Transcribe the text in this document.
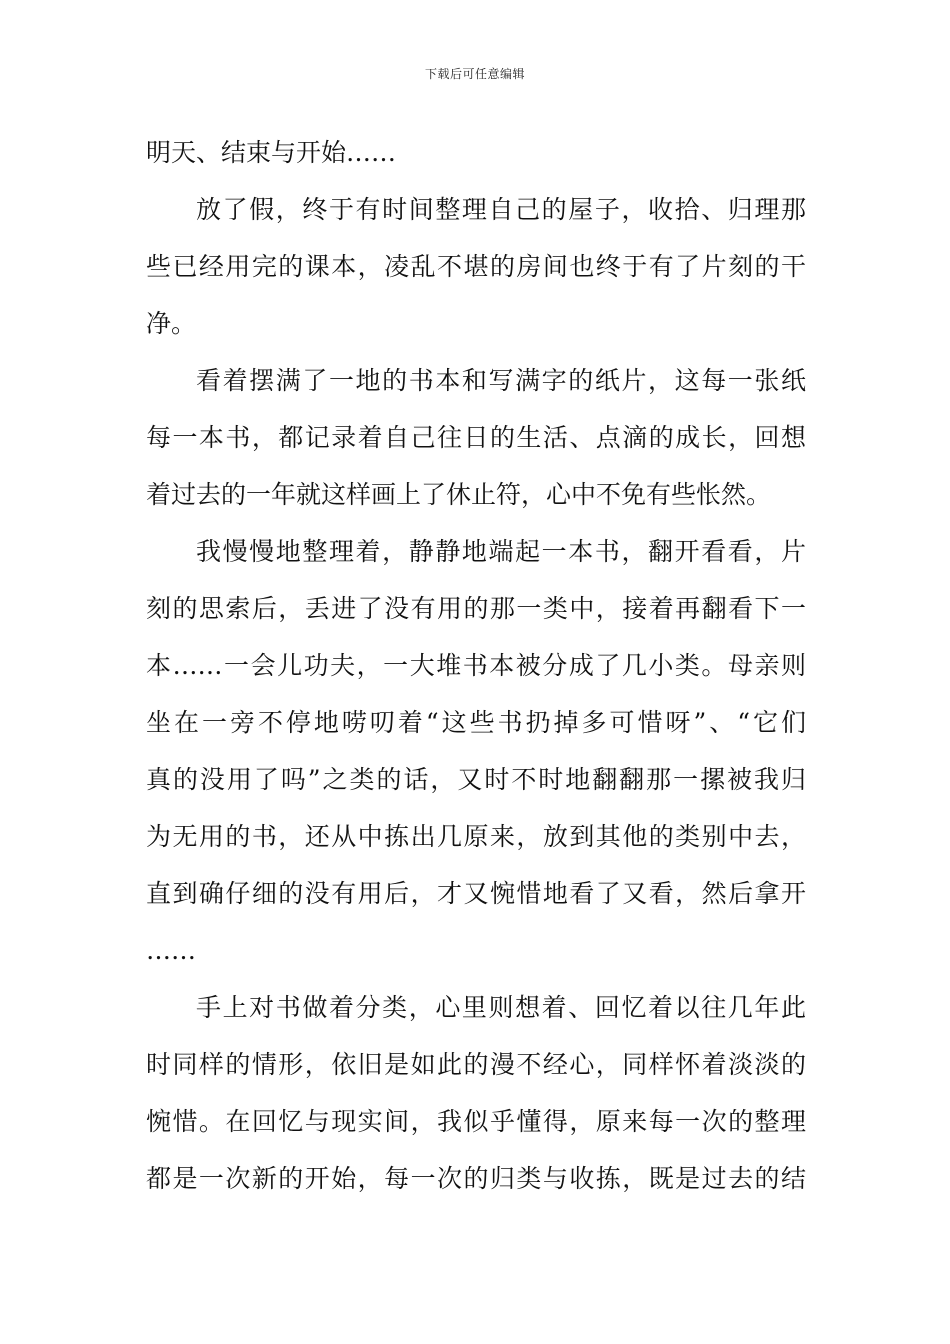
下载后可任意编辑
明天、结束与开始……
放了假，终于有时间整理自己的屋子，收拾、归理那
些已经用完的课本，凌乱不堪的房间也终于有了片刻的干
净。
看着摆满了一地的书本和写满字的纸片，这每一张纸
每一本书，都记录着自己往日的生活、点滴的成长，回想
着过去的一年就这样画上了休止符，心中不免有些怅然。
我慢慢地整理着，静静地端起一本书，翻开看看，片
刻的思索后，丢进了没有用的那一类中，接着再翻看下一
本……一会儿功夫，一大堆书本被分成了几小类。母亲则
坐在一旁不停地唠叨着“这些书扔掉多可惜呀”、“它们
真的没用了吗”之类的话，又时不时地翻翻那一摞被我归
为无用的书，还从中拣出几原来，放到其他的类别中去，
直到确仔细的没有用后，才又惋惜地看了又看，然后拿开
……
手上对书做着分类，心里则想着、回忆着以往几年此
时同样的情形，依旧是如此的漫不经心，同样怀着淡淡的
惋惜。在回忆与现实间，我似乎懂得，原来每一次的整理
都是一次新的开始，每一次的归类与收拣，既是过去的结
